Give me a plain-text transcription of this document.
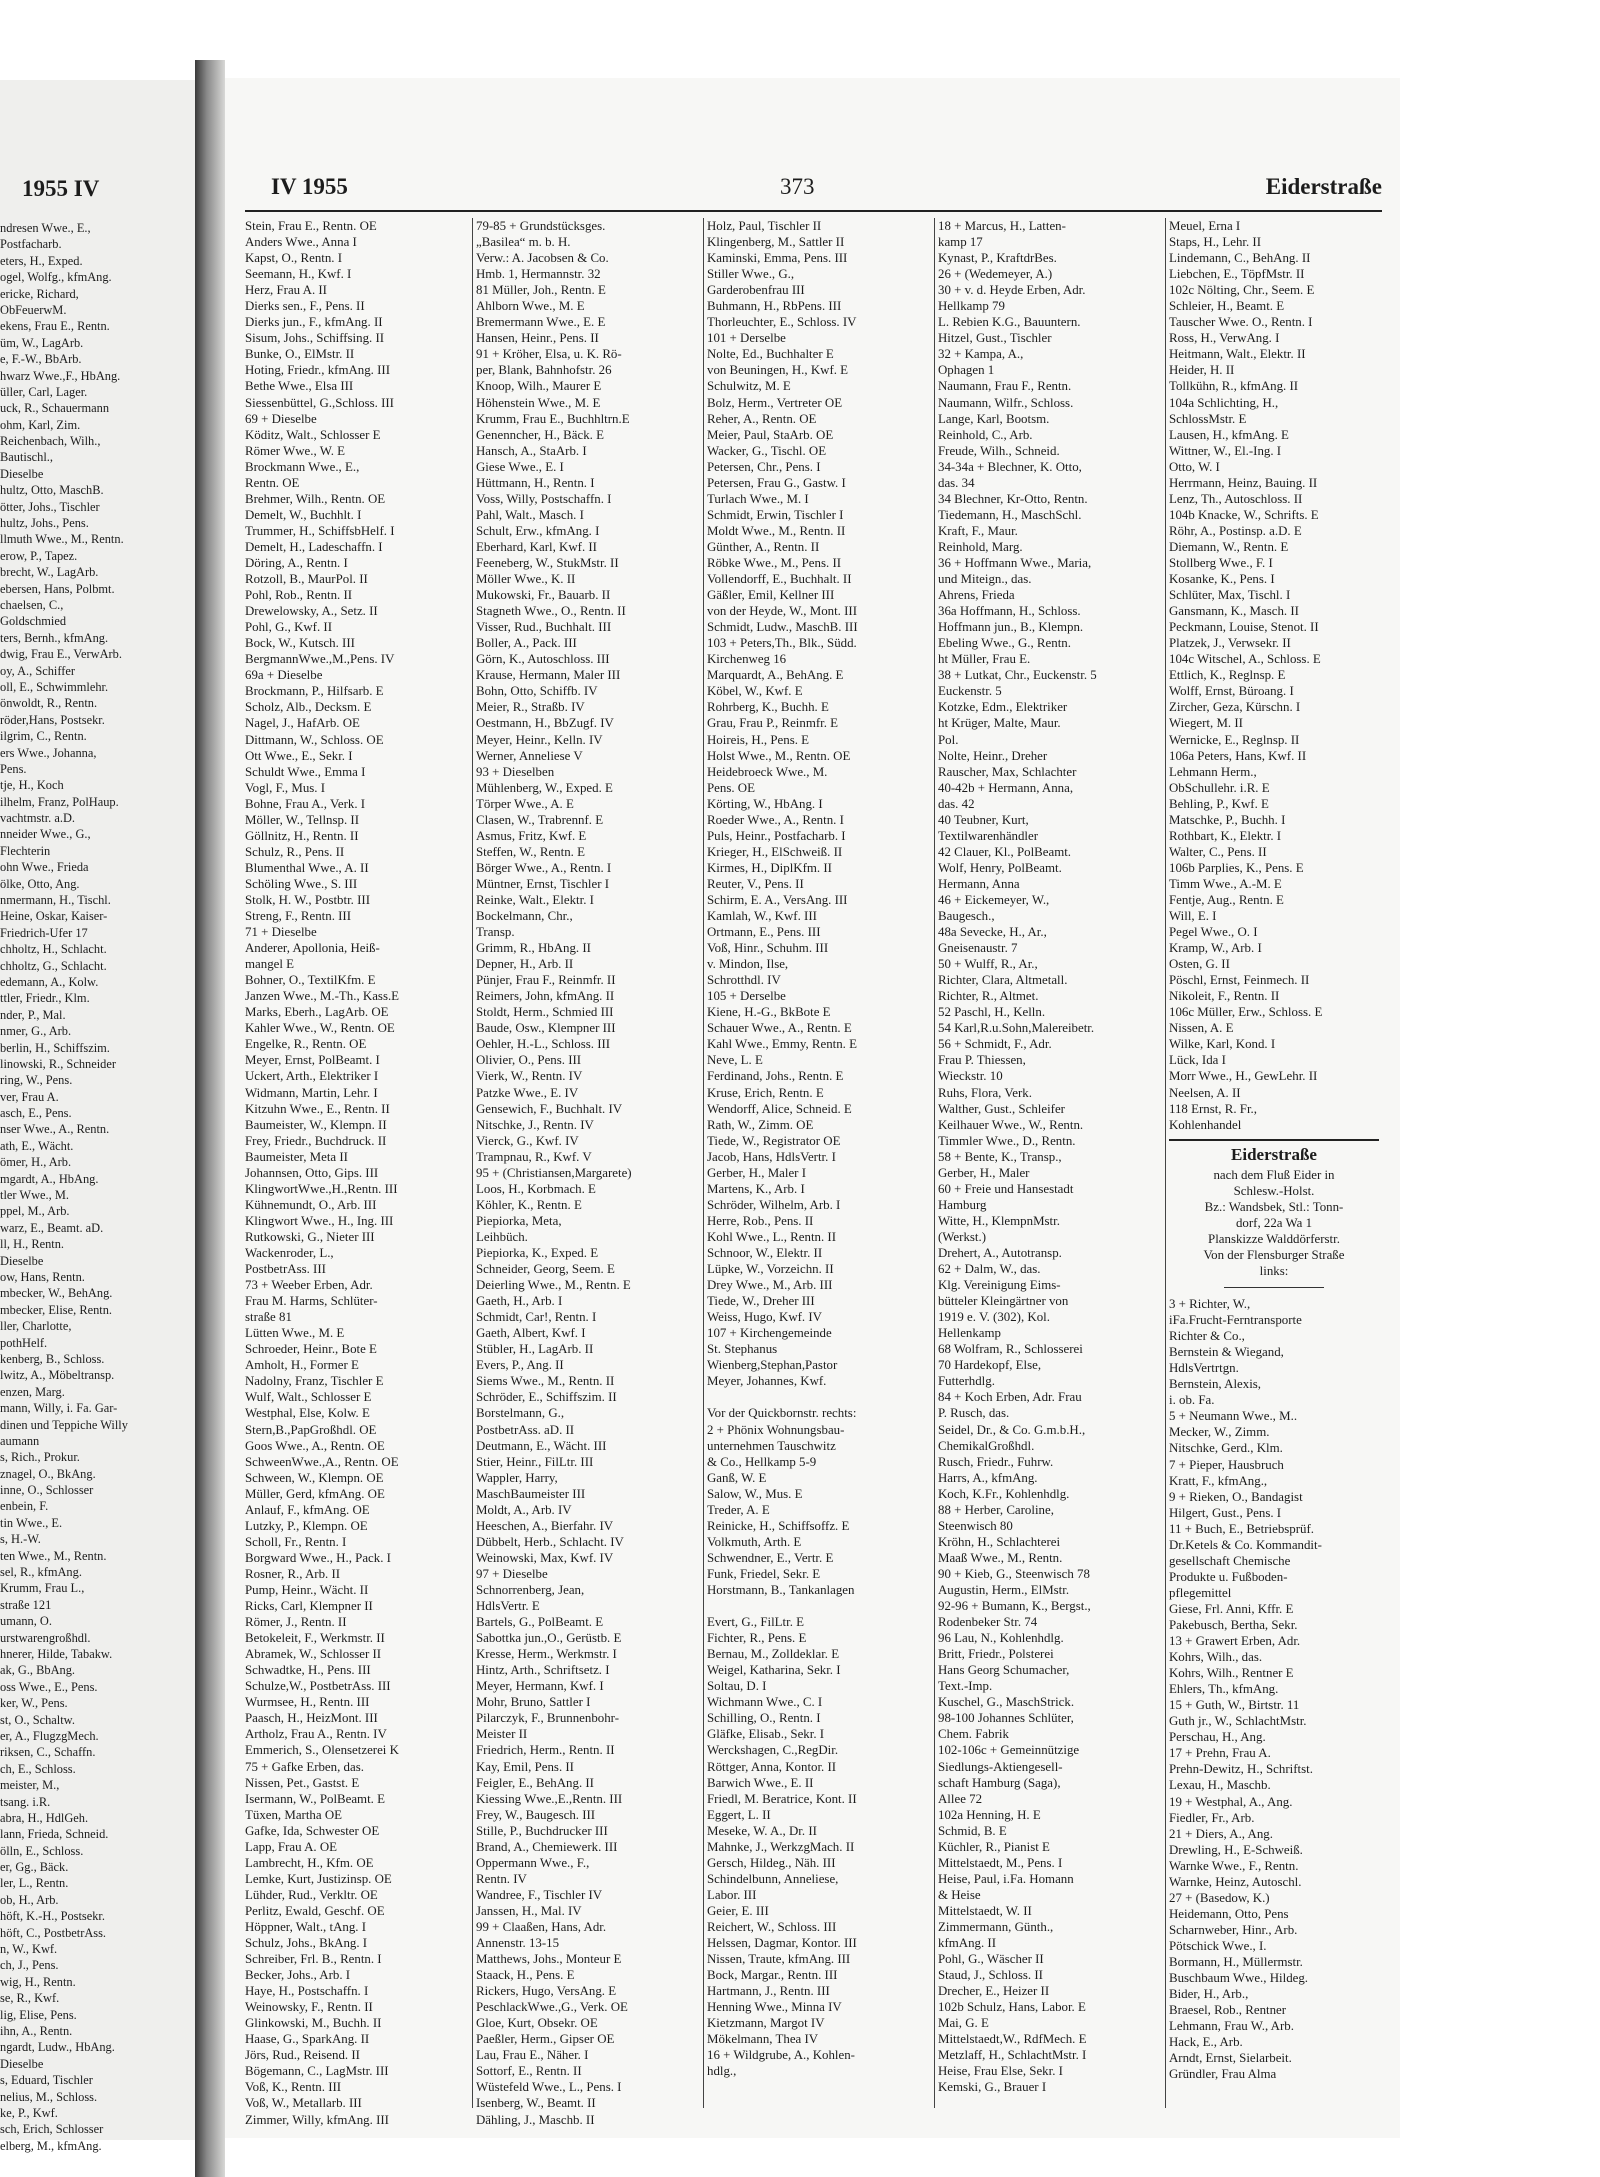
1955 IV
ndresen Wwe., E.,
Postfacharb.
eters, H., Exped.
ogel, Wolfg., kfmAng.
ericke, Richard,
ObFeuerwM.
ekens, Frau E., Rentn.
üm, W., LagArb.
e, F.-W., BbArb.
hwarz Wwe.,F., HbAng.
üller, Carl, Lager.
uck, R., Schauermann
ohm, Karl, Zim.
Reichenbach, Wilh.,
Bautischl.,
Dieselbe
hultz, Otto, MaschB.
ötter, Johs., Tischler
hultz, Johs., Pens.
llmuth Wwe., M., Rentn.
erow, P., Tapez.
brecht, W., LagArb.
ebersen, Hans, Polbmt.
chaelsen, C.,
Goldschmied
ters, Bernh., kfmAng.
dwig, Frau E., VerwArb.
oy, A., Schiffer
oll, E., Schwimmlehr.
önwoldt, R., Rentn.
röder,Hans, Postsekr.
ilgrim, C., Rentn.
ers Wwe., Johanna,
Pens.
tje, H., Koch
ilhelm, Franz, PolHaup.
vachtmstr. a.D.
nneider Wwe., G.,
Flechterin
ohn Wwe., Frieda
ölke, Otto, Ang.
nmermann, H., Tischl.
Heine, Oskar, Kaiser-
Friedrich-Ufer 17
chholtz, H., Schlacht.
chholtz, G., Schlacht.
edemann, A., Kolw.
ttler, Friedr., Klm.
nder, P., Mal.
nmer, G., Arb.
berlin, H., Schiffszim.
linowski, R., Schneider
ring, W., Pens.
ver, Frau A.
asch, E., Pens.
nser Wwe., A., Rentn.
ath, E., Wächt.
ömer, H., Arb.
mgardt, A., HbAng.
tler Wwe., M.
ppel, M., Arb.
warz, E., Beamt. aD.
ll, H., Rentn.
Dieselbe
ow, Hans, Rentn.
mbecker, W., BehAng.
mbecker, Elise, Rentn.
ller, Charlotte,
pothHelf.
kenberg, B., Schloss.
lwitz, A., Möbeltransp.
enzen, Marg.
mann, Willy, i. Fa. Gar-
dinen und Teppiche Willy
aumann
s, Rich., Prokur.
znagel, O., BkAng.
inne, O., Schlosser
enbein, F.
tin Wwe., E.
s, H.-W.
ten Wwe., M., Rentn.
sel, R., kfmAng.
Krumm, Frau L.,
straße 121
umann, O.
urstwarengroßhdl.
hnerer, Hilde, Tabakw.
ak, G., BbAng.
oss Wwe., E., Pens.
ker, W., Pens.
st, O., Schaltw.
er, A., FlugzgMech.
riksen, C., Schaffn.
ch, E., Schloss.
meister, M.,
tsang. i.R.
abra, H., HdlGeh.
lann, Frieda, Schneid.
ölln, E., Schloss.
er, Gg., Bäck.
ler, L., Rentn.
ob, H., Arb.
höft, K.-H., Postsekr.
höft, C., PostbetrAss.
n, W., Kwf.
ch, J., Pens.
wig, H., Rentn.
se, R., Kwf.
lig, Elise, Pens.
ihn, A., Rentn.
ngardt, Ludw., HbAng.
Dieselbe
s, Eduard, Tischler
nelius, M., Schloss.
ke, P., Kwf.
sch, Erich, Schlosser
elberg, M., kfmAng.
IV 1955	373	Eiderstraße
Stein, Frau E., Rentn. OE
Anders Wwe., Anna I
Kapst, O., Rentn. I
Seemann, H., Kwf. I
Herz, Frau A. II
Dierks sen., F., Pens. II
Dierks jun., F., kfmAng. II
Sisum, Johs., Schiffsing. II
Bunke, O., ElMstr. II
Hoting, Friedr., kfmAng. III
Bethe Wwe., Elsa III
Siessenbüttel, G.,Schloss. III
69 + Dieselbe
Köditz, Walt., Schlosser E
Römer Wwe., W. E
Brockmann Wwe., E.,
Rentn. OE
Brehmer, Wilh., Rentn. OE
Demelt, W., Buchhlt. I
Trummer, H., SchiffsbHelf. I
Demelt, H., Ladeschaffn. I
Döring, A., Rentn. I
Rotzoll, B., MaurPol. II
Pohl, Rob., Rentn. II
Drewelowsky, A., Setz. II
Pohl, G., Kwf. II
Bock, W., Kutsch. III
BergmannWwe.,M.,Pens. IV
69a + Dieselbe
Brockmann, P., Hilfsarb. E
Scholz, Alb., Decksm. E
Nagel, J., HafArb. OE
Dittmann, W., Schloss. OE
Ott Wwe., E., Sekr. I
Schuldt Wwe., Emma I
Vogl, F., Mus. I
Bohne, Frau A., Verk. I
Möller, W., Tellnsp. II
Göllnitz, H., Rentn. II
Schulz, R., Pens. II
Blumenthal Wwe., A. II
Schöling Wwe., S. III
Stolk, H. W., Postbtr. III
Streng, F., Rentn. III
71 + Dieselbe
Anderer, Apollonia, Heiß-
mangel E
Bohner, O., TextilKfm. E
Janzen Wwe., M.-Th., Kass.E
Marks, Eberh., LagArb. OE
Kahler Wwe., W., Rentn. OE
Engelke, R., Rentn. OE
Meyer, Ernst, PolBeamt. I
Uckert, Arth., Elektriker I
Widmann, Martin, Lehr. I
Kitzuhn Wwe., E., Rentn. II
Baumeister, W., Klempn. II
Frey, Friedr., Buchdruck. II
Baumeister, Meta II
Johannsen, Otto, Gips. III
KlingwortWwe.,H.,Rentn. III
Kühnemundt, O., Arb. III
Klingwort Wwe., H., Ing. III
Rutkowski, G., Nieter III
Wackenroder, L.,
PostbetrAss. III
73 + Weeber Erben, Adr.
Frau M. Harms, Schlüter-
straße 81
Lütten Wwe., M. E
Schroeder, Heinr., Bote E
Amholt, H., Former E
Nadolny, Franz, Tischler E
Wulf, Walt., Schlosser E
Westphal, Else, Kolw. E
Stern,B.,PapGroßhdl. OE
Goos Wwe., A., Rentn. OE
SchweenWwe.,A., Rentn. OE
Schween, W., Klempn. OE
Müller, Gerd, kfmAng. OE
Anlauf, F., kfmAng. OE
Lutzky, P., Klempn. OE
Scholl, Fr., Rentn. I
Borgward Wwe., H., Pack. I
Rosner, R., Arb. II
Pump, Heinr., Wächt. II
Ricks, Carl, Klempner II
Römer, J., Rentn. II
Betokeleit, F., Werkmstr. II
Abramek, W., Schlosser II
Schwadtke, H., Pens. III
Schulze,W., PostbetrAss. III
Wurmsee, H., Rentn. III
Paasch, H., HeizMont. III
Artholz, Frau A., Rentn. IV
Emmerich, S., Olensetzerei K
75 + Gafke Erben, das.
Nissen, Pet., Gastst. E
Isermann, W., PolBeamt. E
Tüxen, Martha OE
Gafke, Ida, Schwester OE
Lapp, Frau A. OE
Lambrecht, H., Kfm. OE
Lemke, Kurt, Justizinsp. OE
Lühder, Rud., Verkltr. OE
Perlitz, Ewald, Geschf. OE
Höppner, Walt., tAng. I
Schulz, Johs., BkAng. I
Schreiber, Frl. B., Rentn. I
Becker, Johs., Arb. I
Haye, H., Postschaffn. I
Weinowsky, F., Rentn. II
Glinkowski, M., Buchh. II
Haase, G., SparkAng. II
Jörs, Rud., Reisend. II
Bögemann, C., LagMstr. III
Voß, K., Rentn. III
Voß, W., Metallarb. III
Zimmer, Willy, kfmAng. III
79-85 + Grundstücksges.
„Basilea“ m. b. H.
Verw.: A. Jacobsen & Co.
Hmb. 1, Hermannstr. 32
81 Müller, Joh., Rentn. E
Ahlborn Wwe., M. E
Bremermann Wwe., E. E
Hansen, Heinr., Pens. II
91 + Kröher, Elsa, u. K. Rö-
per, Blank, Bahnhofstr. 26
Knoop, Wilh., Maurer E
Höhenstein Wwe., M. E
Krumm, Frau E., Buchhltrn.E
Genenncher, H., Bäck. E
Hansch, A., StaArb. I
Giese Wwe., E. I
Hüttmann, H., Rentn. I
Voss, Willy, Postschaffn. I
Pahl, Walt., Masch. I
Schult, Erw., kfmAng. I
Eberhard, Karl, Kwf. II
Feeneberg, W., StukMstr. II
Möller Wwe., K. II
Mukowski, Fr., Bauarb. II
Stagneth Wwe., O., Rentn. II
Visser, Rud., Buchhalt. III
Boller, A., Pack. III
Görn, K., Autoschloss. III
Krause, Hermann, Maler III
Bohn, Otto, Schiffb. IV
Meier, R., Straßb. IV
Oestmann, H., BbZugf. IV
Meyer, Heinr., Kelln. IV
Werner, Anneliese V
93 + Dieselben
Mühlenberg, W., Exped. E
Törper Wwe., A. E
Clasen, W., Trabrennf. E
Asmus, Fritz, Kwf. E
Steffen, W., Rentn. E
Börger Wwe., A., Rentn. I
Müntner, Ernst, Tischler I
Reinke, Walt., Elektr. I
Bockelmann, Chr.,
Transp.
Grimm, R., HbAng. II
Depner, H., Arb. II
Pünjer, Frau F., Reinmfr. II
Reimers, John, kfmAng. II
Stoldt, Herm., Schmied III
Baude, Osw., Klempner III
Oehler, H.-L., Schloss. III
Olivier, O., Pens. III
Vierk, W., Rentn. IV
Patzke Wwe., E. IV
Gensewich, F., Buchhalt. IV
Nitschke, J., Rentn. IV
Vierck, G., Kwf. IV
Trampnau, R., Kwf. V
95 + (Christiansen,Margarete)
Loos, H., Korbmach. E
Köhler, K., Rentn. E
Piepiorka, Meta,
Leihbüch.
Piepiorka, K., Exped. E
Schneider, Georg, Seem. E
Deierling Wwe., M., Rentn. E
Gaeth, H., Arb. I
Schmidt, Car!, Rentn. I
Gaeth, Albert, Kwf. I
Stübler, H., LagArb. II
Evers, P., Ang. II
Siems Wwe., M., Rentn. II
Schröder, E., Schiffszim. II
Borstelmann, G.,
PostbetrAss. aD. II
Deutmann, E., Wächt. III
Stier, Heinr., FilLtr. III
Wappler, Harry,
MaschBaumeister III
Moldt, A., Arb. IV
Heeschen, A., Bierfahr. IV
Dübbelt, Herb., Schlacht. IV
Weinowski, Max, Kwf. IV
97 + Dieselbe
Schnorrenberg, Jean,
HdlsVertr. E
Bartels, G., PolBeamt. E
Sabottka jun.,O., Gerüstb. E
Kresse, Herm., Werkmstr. I
Hintz, Arth., Schriftsetz. I
Meyer, Hermann, Kwf. I
Mohr, Bruno, Sattler I
Pilarczyk, F., Brunnenbohr-
Meister II
Friedrich, Herm., Rentn. II
Kay, Emil, Pens. II
Feigler, E., BehAng. II
Kiessing Wwe.,E.,Rentn. III
Frey, W., Baugesch. III
Stille, P., Buchdrucker III
Brand, A., Chemiewerk. III
Oppermann Wwe., F.,
Rentn. IV
Wandree, F., Tischler IV
Janssen, H., Mal. IV
99 + Claaßen, Hans, Adr.
Annenstr. 13-15
Matthews, Johs., Monteur E
Staack, H., Pens. E
Rickers, Hugo, VersAng. E
PeschlackWwe.,G., Verk. OE
Gloe, Kurt, Obsekr. OE
Paeßler, Herm., Gipser OE
Lau, Frau E., Näher. I
Sottorf, E., Rentn. II
Wüstefeld Wwe., L., Pens. I
Isenberg, W., Beamt. II
Dähling, J., Maschb. II
Holz, Paul, Tischler II
Klingenberg, M., Sattler II
Kaminski, Emma, Pens. III
Stiller Wwe., G.,
Garderobenfrau III
Buhmann, H., RbPens. III
Thorleuchter, E., Schloss. IV
101 + Derselbe
Nolte, Ed., Buchhalter E
von Beuningen, H., Kwf. E
Schulwitz, M. E
Bolz, Herm., Vertreter OE
Reher, A., Rentn. OE
Meier, Paul, StaArb. OE
Wacker, G., Tischl. OE
Petersen, Chr., Pens. I
Petersen, Frau G., Gastw. I
Turlach Wwe., M. I
Schmidt, Erwin, Tischler I
Moldt Wwe., M., Rentn. II
Günther, A., Rentn. II
Röbke Wwe., M., Pens. II
Vollendorff, E., Buchhalt. II
Gäßler, Emil, Kellner III
von der Heyde, W., Mont. III
Schmidt, Ludw., MaschB. III
103 + Peters,Th., Blk., Südd.
Kirchenweg 16
Marquardt, A., BehAng. E
Köbel, W., Kwf. E
Rohrberg, K., Buchh. E
Grau, Frau P., Reinmfr. E
Hoireis, H., Pens. E
Holst Wwe., M., Rentn. OE
Heidebroeck Wwe., M.
Pens. OE
Körting, W., HbAng. I
Roeder Wwe., A., Rentn. I
Puls, Heinr., Postfacharb. I
Krieger, H., ElSchweiß. II
Kirmes, H., DiplKfm. II
Reuter, V., Pens. II
Schirm, E. A., VersAng. III
Kamlah, W., Kwf. III
Ortmann, E., Pens. III
Voß, Hinr., Schuhm. III
v. Mindon, Ilse,
Schrotthdl. IV
105 + Derselbe
Kiene, H.-G., BkBote E
Schauer Wwe., A., Rentn. E
Kahl Wwe., Emmy, Rentn. E
Neve, L. E
Ferdinand, Johs., Rentn. E
Kruse, Erich, Rentn. E
Wendorff, Alice, Schneid. E
Rath, W., Zimm. OE
Tiede, W., Registrator OE
Jacob, Hans, HdlsVertr. I
Gerber, H., Maler I
Martens, K., Arb. I
Schröder, Wilhelm, Arb. I
Herre, Rob., Pens. II
Kohl Wwe., L., Rentn. II
Schnoor, W., Elektr. II
Lüpke, W., Vorzeichn. II
Drey Wwe., M., Arb. III
Tiede, W., Dreher III
Weiss, Hugo, Kwf. IV
107 + Kirchengemeinde
St. Stephanus
Wienberg,Stephan,Pastor
Meyer, Johannes, Kwf.
Vor der Quickbornstr. rechts:
2 + Phönix Wohnungsbau-
unternehmen Tauschwitz
& Co., Hellkamp 5-9
Ganß, W. E
Salow, W., Mus. E
Treder, A. E
Reinicke, H., Schiffsoffz. E
Volkmuth, Arth. E
Schwendner, E., Vertr. E
Funk, Friedel, Sekr. E
Horstmann, B., Tankanlagen
Evert, G., FilLtr. E
Fichter, R., Pens. E
Bernau, M., Zolldeklar. E
Weigel, Katharina, Sekr. I
Soltau, D. I
Wichmann Wwe., C. I
Schilling, O., Rentn. I
Gläfke, Elisab., Sekr. I
Werckshagen, C.,RegDir.
Röttger, Anna, Kontor. II
Barwich Wwe., E. II
Friedl, M. Beratrice, Kont. II
Eggert, L. II
Meseke, W. A., Dr. II
Mahnke, J., WerkzgMach. II
Gersch, Hildeg., Näh. III
Schindelbunn, Anneliese,
Labor. III
Geier, E. III
Reichert, W., Schloss. III
Helssen, Dagmar, Kontor. III
Nissen, Traute, kfmAng. III
Bock, Margar., Rentn. III
Hartmann, J., Rentn. III
Henning Wwe., Minna IV
Kietzmann, Margot IV
Mökelmann, Thea IV
16 + Wildgrube, A., Kohlen-
hdlg.,
18 + Marcus, H., Latten-
kamp 17
Kynast, P., KraftdrBes.
26 + (Wedemeyer, A.)
30 + v. d. Heyde Erben, Adr.
Hellkamp 79
L. Rebien K.G., Bauuntern.
Hitzel, Gust., Tischler
32 + Kampa, A.,
Ophagen 1
Naumann, Frau F., Rentn.
Naumann, Wilfr., Schloss.
Lange, Karl, Bootsm.
Reinhold, C., Arb.
Freude, Wilh., Schneid.
34-34a + Blechner, K. Otto,
das. 34
34 Blechner, Kr-Otto, Rentn.
Tiedemann, H., MaschSchl.
Kraft, F., Maur.
Reinhold, Marg.
36 + Hoffmann Wwe., Maria,
und Miteign., das.
Ahrens, Frieda
36a Hoffmann, H., Schloss.
Hoffmann jun., B., Klempn.
Ebeling Wwe., G., Rentn.
ht Müller, Frau E.
38 + Lutkat, Chr., Euckenstr. 5
Euckenstr. 5
Kotzke, Edm., Elektriker
ht Krüger, Malte, Maur.
Pol.
Nolte, Heinr., Dreher
Rauscher, Max, Schlachter
40-42b + Hermann, Anna,
das. 42
40 Teubner, Kurt,
Textilwarenhändler
42 Clauer, Kl., PolBeamt.
Wolf, Henry, PolBeamt.
Hermann, Anna
46 + Eickemeyer, W.,
Baugesch.,
48a Sevecke, H., Ar.,
Gneisenaustr. 7
50 + Wulff, R., Ar.,
Richter, Clara, Altmetall.
Richter, R., Altmet.
52 Paschl, H., Kelln.
54 Karl,R.u.Sohn,Malereibetr.
56 + Schmidt, F., Adr.
Frau P. Thiessen,
Wieckstr. 10
Ruhs, Flora, Verk.
Walther, Gust., Schleifer
Keilhauer Wwe., W., Rentn.
Timmler Wwe., D., Rentn.
58 + Bente, K., Transp.,
Gerber, H., Maler
60 + Freie und Hansestadt
Hamburg
Witte, H., KlempnMstr.
(Werkst.)
Drehert, A., Autotransp.
62 + Dalm, W., das.
Klg. Vereinigung Eims-
bütteler Kleingärtner von
1919 e. V. (302), Kol.
Hellenkamp
68 Wolfram, R., Schlosserei
70 Hardekopf, Else,
Futterhdlg.
84 + Koch Erben, Adr. Frau
P. Rusch, das.
Seidel, Dr., & Co. G.m.b.H.,
ChemikalGroßhdl.
Rusch, Friedr., Fuhrw.
Harrs, A., kfmAng.
Koch, K.Fr., Kohlenhdlg.
88 + Herber, Caroline,
Steenwisch 80
Kröhn, H., Schlachterei
Maaß Wwe., M., Rentn.
90 + Kieb, G., Steenwisch 78
Augustin, Herm., ElMstr.
92-96 + Bumann, K., Bergst.,
Rodenbeker Str. 74
96 Lau, N., Kohlenhdlg.
Britt, Friedr., Polsterei
Hans Georg Schumacher,
Text.-Imp.
Kuschel, G., MaschStrick.
98-100 Johannes Schlüter,
Chem. Fabrik
102-106c + Gemeinnützige
Siedlungs-Aktiengesell-
schaft Hamburg (Saga),
Allee 72
102a Henning, H. E
Schmid, B. E
Küchler, R., Pianist E
Mittelstaedt, M., Pens. I
Heise, Paul, i.Fa. Homann
& Heise
Mittelstaedt, W. II
Zimmermann, Günth.,
kfmAng. II
Pohl, G., Wäscher II
Staud, J., Schloss. II
Drecher, E., Heizer II
102b Schulz, Hans, Labor. E
Mai, G. E
Mittelstaedt,W., RdfMech. E
Metzlaff, H., SchlachtMstr. I
Heise, Frau Else, Sekr. I
Kemski, G., Brauer I
Meuel, Erna I
Staps, H., Lehr. II
Lindemann, C., BehAng. II
Liebchen, E., TöpfMstr. II
102c Nölting, Chr., Seem. E
Schleier, H., Beamt. E
Tauscher Wwe. O., Rentn. I
Ross, H., VerwAng. I
Heitmann, Walt., Elektr. II
Heider, H. II
Tollkühn, R., kfmAng. II
104a Schlichting, H.,
SchlossMstr. E
Lausen, H., kfmAng. E
Wittner, W., El.-Ing. I
Otto, W. I
Herrmann, Heinz, Bauing. II
Lenz, Th., Autoschloss. II
104b Knacke, W., Schrifts. E
Röhr, A., Postinsp. a.D. E
Diemann, W., Rentn. E
Stollberg Wwe., F. I
Kosanke, K., Pens. I
Schlüter, Max, Tischl. I
Gansmann, K., Masch. II
Peckmann, Louise, Stenot. II
Platzek, J., Verwsekr. II
104c Witschel, A., Schloss. E
Ettlich, K., Reglnsp. E
Wolff, Ernst, Büroang. I
Zircher, Geza, Kürschn. I
Wiegert, M. II
Wernicke, E., Reglnsp. II
106a Peters, Hans, Kwf. II
Lehmann Herm.,
ObSchullehr. i.R. E
Behling, P., Kwf. E
Matschke, P., Buchh. I
Rothbart, K., Elektr. I
Walter, C., Pens. II
106b Parplies, K., Pens. E
Timm Wwe., A.-M. E
Fentje, Aug., Rentn. E
Will, E. I
Pegel Wwe., O. I
Kramp, W., Arb. I
Osten, G. II
Pöschl, Ernst, Feinmech. II
Nikoleit, F., Rentn. II
106c Müller, Erw., Schloss. E
Nissen, A. E
Wilke, Karl, Kond. I
Lück, Ida I
Morr Wwe., H., GewLehr. II
Neelsen, A. II
118 Ernst, R. Fr.,
Kohlenhandel
Eiderstraße
nach dem Fluß Eider in
Schlesw.-Holst.
Bz.: Wandsbek, Stl.: Tonn-
dorf, 22a Wa 1
Planskizze Walddörferstr.
Von der Flensburger Straße
links:
3 + Richter, W.,
iFa.Frucht-Ferntransporte
Richter & Co.,
Bernstein & Wiegand,
HdlsVertrtgn.
Bernstein, Alexis,
i. ob. Fa.
5 + Neumann Wwe., M..
Mecker, W., Zimm.
Nitschke, Gerd., Klm.
7 + Pieper, Hausbruch
Kratt, F., kfmAng.,
9 + Rieken, O., Bandagist
Hilgert, Gust., Pens. I
11 + Buch, E., Betriebsprüf.
Dr.Ketels & Co. Kommandit-
gesellschaft Chemische
Produkte u. Fußboden-
pflegemittel
Giese, Frl. Anni, Kffr. E
Pakebusch, Bertha, Sekr.
13 + Grawert Erben, Adr.
Kohrs, Wilh., das.
Kohrs, Wilh., Rentner E
Ehlers, Th., kfmAng.
15 + Guth, W., Birtstr. 11
Guth jr., W., SchlachtMstr.
Perschau, H., Ang.
17 + Prehn, Frau A.
Prehn-Dewitz, H., Schriftst.
Lexau, H., Maschb.
19 + Westphal, A., Ang.
Fiedler, Fr., Arb.
21 + Diers, A., Ang.
Drewling, H., E-Schweiß.
Warnke Wwe., F., Rentn.
Warnke, Heinz, Autoschl.
27 + (Basedow, K.)
Heidemann, Otto, Pens
Scharnweber, Hinr., Arb.
Pötschick Wwe., I.
Bormann, H., Müllermstr.
Buschbaum Wwe., Hildeg.
Bider, H., Arb.,
Braesel, Rob., Rentner
Lehmann, Frau W., Arb.
Hack, E., Arb.
Arndt, Ernst, Sielarbeit.
Gründler, Frau Alma
